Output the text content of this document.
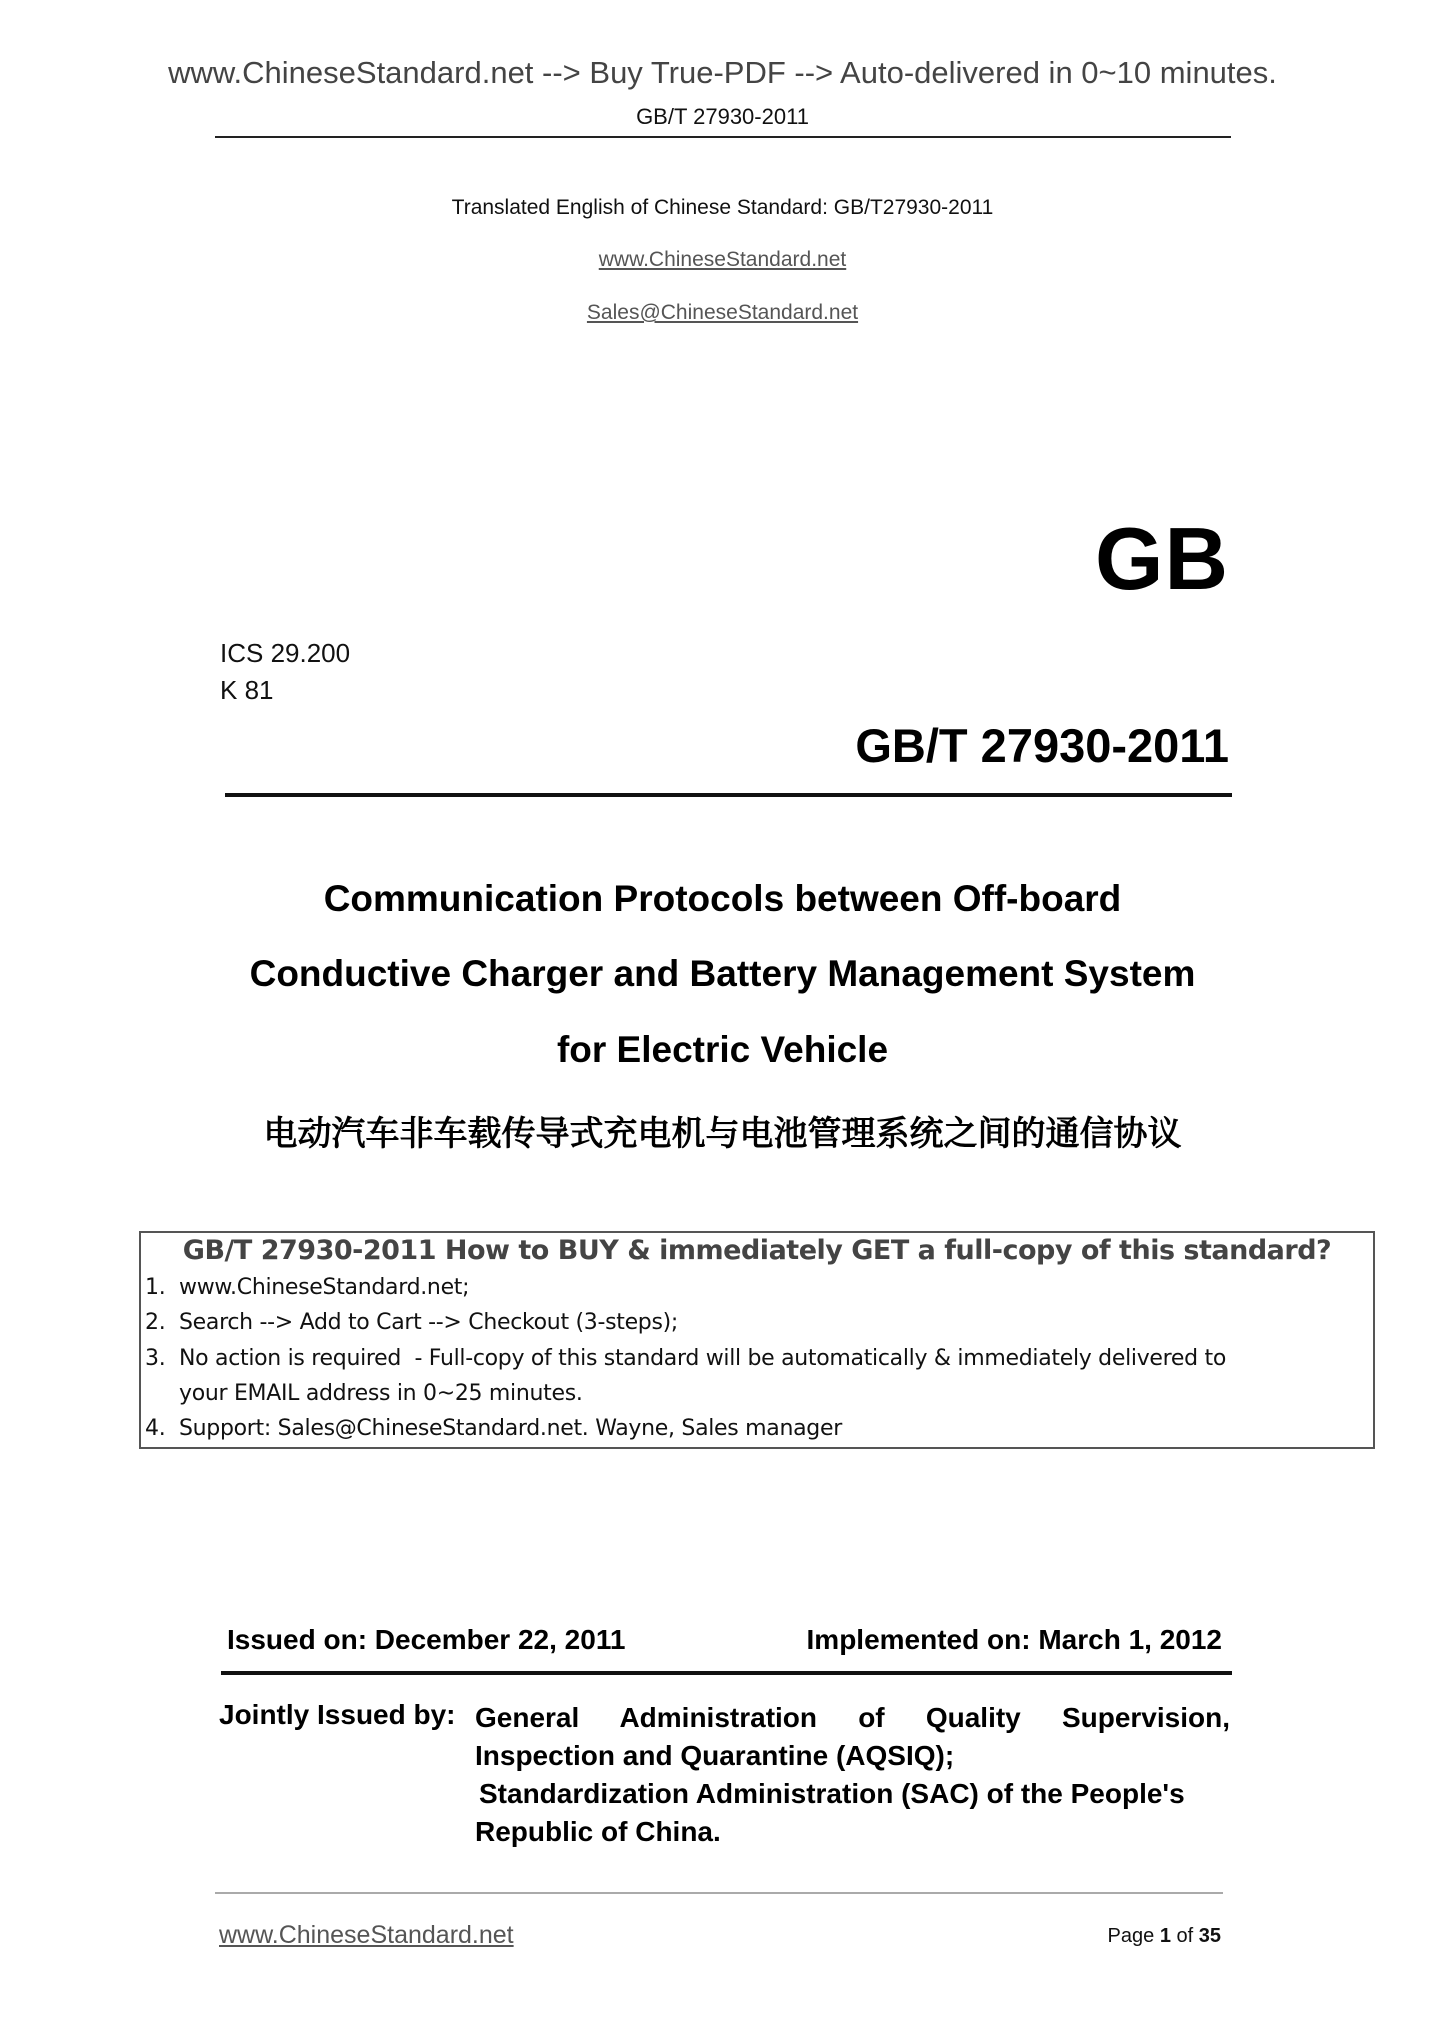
www.ChineseStandard.net --> Buy True-PDF --> Auto-delivered in 0~10 minutes.
GB/T 27930-2011
Translated English of Chinese Standard: GB/T27930-2011
www.ChineseStandard.net
Sales@ChineseStandard.net
GB
ICS 29.200
K 81
GB/T 27930-2011
Communication Protocols between Off-board
Conductive Charger and Battery Management System
for Electric Vehicle
电动汽车非车载传导式充电机与电池管理系统之间的通信协议
GB/T 27930-2011 How to BUY & immediately GET a full-copy of this standard?
1. www.ChineseStandard.net;
2. Search --> Add to Cart --> Checkout (3-steps);
3. No action is required  - Full-copy of this standard will be automatically & immediately delivered to
your EMAIL address in 0~25 minutes.
4. Support: Sales@ChineseStandard.net. Wayne, Sales manager
Issued on: December 22, 2011	Implemented on: March 1, 2012
Jointly Issued by: General Administration of Quality Supervision,
Inspection and Quarantine (AQSIQ);
Standardization Administration (SAC) of the People's
Republic of China.
www.ChineseStandard.net	Page 1 of 35
